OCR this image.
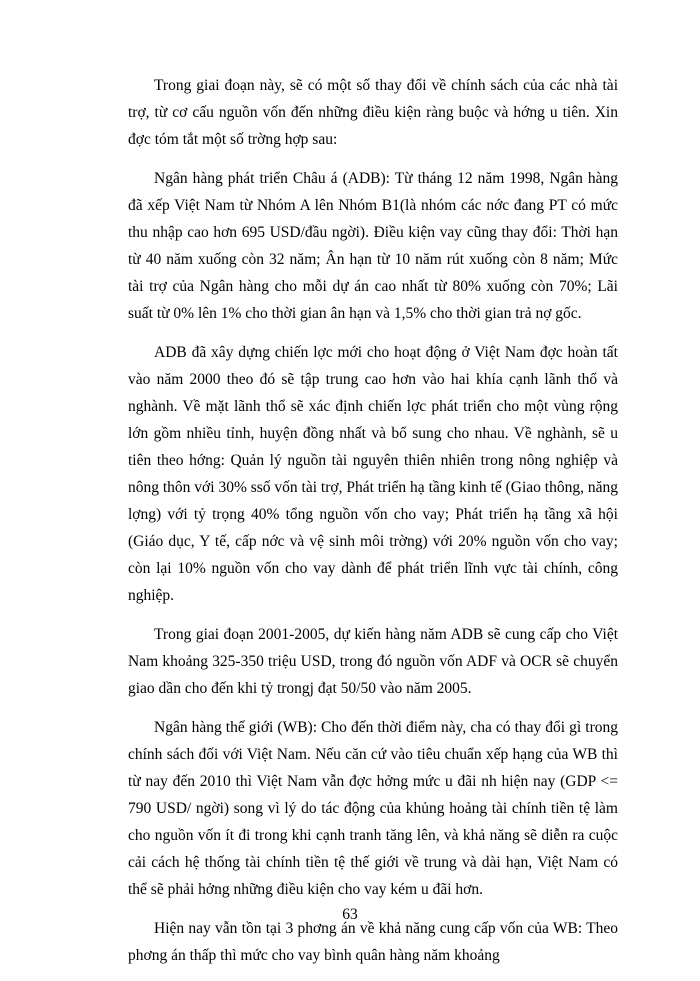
Trong giai đoạn này, sẽ có một số thay đổi về chính sách của các nhà tài trợ, từ cơ cấu nguồn vốn đến những điều kiện ràng buộc và hớng u tiên. Xin đợc tóm tắt một số trờng hợp sau:

Ngân hàng phát triển Châu á (ADB): Từ tháng 12 năm 1998, Ngân hàng đã xếp Việt Nam từ Nhóm A lên Nhóm B1(là nhóm các nớc đang PT có mức thu nhập cao hơn 695 USD/đầu ngời). Điều kiện vay cũng thay đổi: Thời hạn từ 40 năm xuống còn 32 năm; Ân hạn từ 10 năm rút xuống còn 8 năm; Mức tài trợ của Ngân hàng cho mỗi dự án cao nhất từ 80% xuống còn 70%; Lãi suất từ 0% lên 1% cho thời gian ân hạn và 1,5% cho thời gian trả nợ gốc.

ADB đã xây dựng chiến lợc mới cho hoạt động ở Việt Nam đợc hoàn tất vào năm 2000 theo đó sẽ tập trung cao hơn vào hai khía cạnh lãnh thổ và nghành. Về mặt lãnh thổ sẽ xác định chiến lợc phát triển cho một vùng rộng lớn gồm nhiều tỉnh, huyện đồng nhất và bổ sung cho nhau. Về nghành, sẽ u tiên theo hớng: Quản lý nguồn tài nguyên thiên nhiên trong nông nghiệp và nông thôn với 30% ssố vốn tài trợ, Phát triển hạ tầng kinh tế (Giao thông, năng lợng) với tỷ trọng 40% tổng nguồn vốn cho vay; Phát triển hạ tầng xã hội (Giáo dục, Y tế, cấp nớc và vệ sinh môi trờng) với 20% nguồn vốn cho vay; còn lại 10% nguồn vốn cho vay dành để phát triển lĩnh vực tài chính, công nghiệp.

Trong giai đoạn 2001-2005, dự kiến hàng năm ADB sẽ cung cấp cho Việt Nam khoảng 325-350 triệu USD, trong đó nguồn vốn ADF và OCR sẽ chuyển giao dần cho đến khi tỷ trongj đạt 50/50 vào năm 2005.

Ngân hàng thế giới (WB): Cho đến thời điểm này, cha có thay đổi gì trong chính sách đối với Việt Nam. Nếu căn cứ vào tiêu chuẩn xếp hạng của WB thì từ nay đến 2010 thì Việt Nam vẫn đợc hởng mức u đãi nh hiện nay (GDP <= 790 USD/ ngời) song vì lý do tác động của khủng hoảng tài chính tiền tệ làm cho nguồn vốn ít đi trong khi cạnh tranh tăng lên, và khả năng sẽ diễn ra cuộc cải cách hệ thống tài chính tiền tệ thế giới về trung và dài hạn, Việt Nam có thể sẽ phải hởng những điều kiện cho vay kém u đãi hơn.

Hiện nay vẫn tồn tại 3 phơng án về khả năng cung cấp vốn của WB: Theo phơng án thấp thì mức cho vay bình quân hàng năm khoảng

63
